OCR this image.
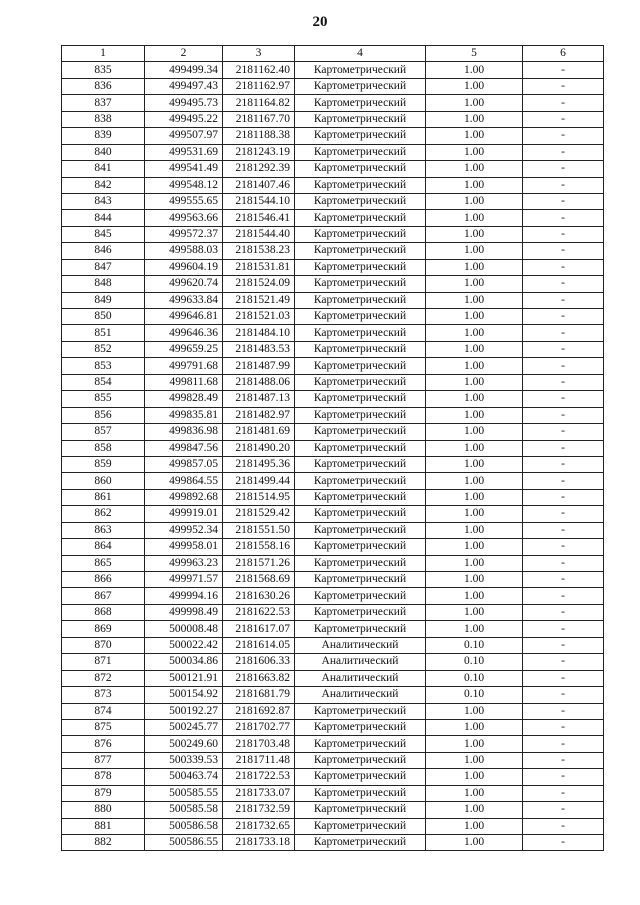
20
1	2	3	4	5	6
835	499499.34	2181162.40	Картометрический	1.00	-
836	499497.43	2181162.97	Картометрический	1.00	-
837	499495.73	2181164.82	Картометрический	1.00	-
838	499495.22	2181167.70	Картометрический	1.00	-
839	499507.97	2181188.38	Картометрический	1.00	-
840	499531.69	2181243.19	Картометрический	1.00	-
841	499541.49	2181292.39	Картометрический	1.00	-
842	499548.12	2181407.46	Картометрический	1.00	-
843	499555.65	2181544.10	Картометрический	1.00	-
844	499563.66	2181546.41	Картометрический	1.00	-
845	499572.37	2181544.40	Картометрический	1.00	-
846	499588.03	2181538.23	Картометрический	1.00	-
847	499604.19	2181531.81	Картометрический	1.00	-
848	499620.74	2181524.09	Картометрический	1.00	-
849	499633.84	2181521.49	Картометрический	1.00	-
850	499646.81	2181521.03	Картометрический	1.00	-
851	499646.36	2181484.10	Картометрический	1.00	-
852	499659.25	2181483.53	Картометрический	1.00	-
853	499791.68	2181487.99	Картометрический	1.00	-
854	499811.68	2181488.06	Картометрический	1.00	-
855	499828.49	2181487.13	Картометрический	1.00	-
856	499835.81	2181482.97	Картометрический	1.00	-
857	499836.98	2181481.69	Картометрический	1.00	-
858	499847.56	2181490.20	Картометрический	1.00	-
859	499857.05	2181495.36	Картометрический	1.00	-
860	499864.55	2181499.44	Картометрический	1.00	-
861	499892.68	2181514.95	Картометрический	1.00	-
862	499919.01	2181529.42	Картометрический	1.00	-
863	499952.34	2181551.50	Картометрический	1.00	-
864	499958.01	2181558.16	Картометрический	1.00	-
865	499963.23	2181571.26	Картометрический	1.00	-
866	499971.57	2181568.69	Картометрический	1.00	-
867	499994.16	2181630.26	Картометрический	1.00	-
868	499998.49	2181622.53	Картометрический	1.00	-
869	500008.48	2181617.07	Картометрический	1.00	-
870	500022.42	2181614.05	Аналитический	0.10	-
871	500034.86	2181606.33	Аналитический	0.10	-
872	500121.91	2181663.82	Аналитический	0.10	-
873	500154.92	2181681.79	Аналитический	0.10	-
874	500192.27	2181692.87	Картометрический	1.00	-
875	500245.77	2181702.77	Картометрический	1.00	-
876	500249.60	2181703.48	Картометрический	1.00	-
877	500339.53	2181711.48	Картометрический	1.00	-
878	500463.74	2181722.53	Картометрический	1.00	-
879	500585.55	2181733.07	Картометрический	1.00	-
880	500585.58	2181732.59	Картометрический	1.00	-
881	500586.58	2181732.65	Картометрический	1.00	-
882	500586.55	2181733.18	Картометрический	1.00	-
